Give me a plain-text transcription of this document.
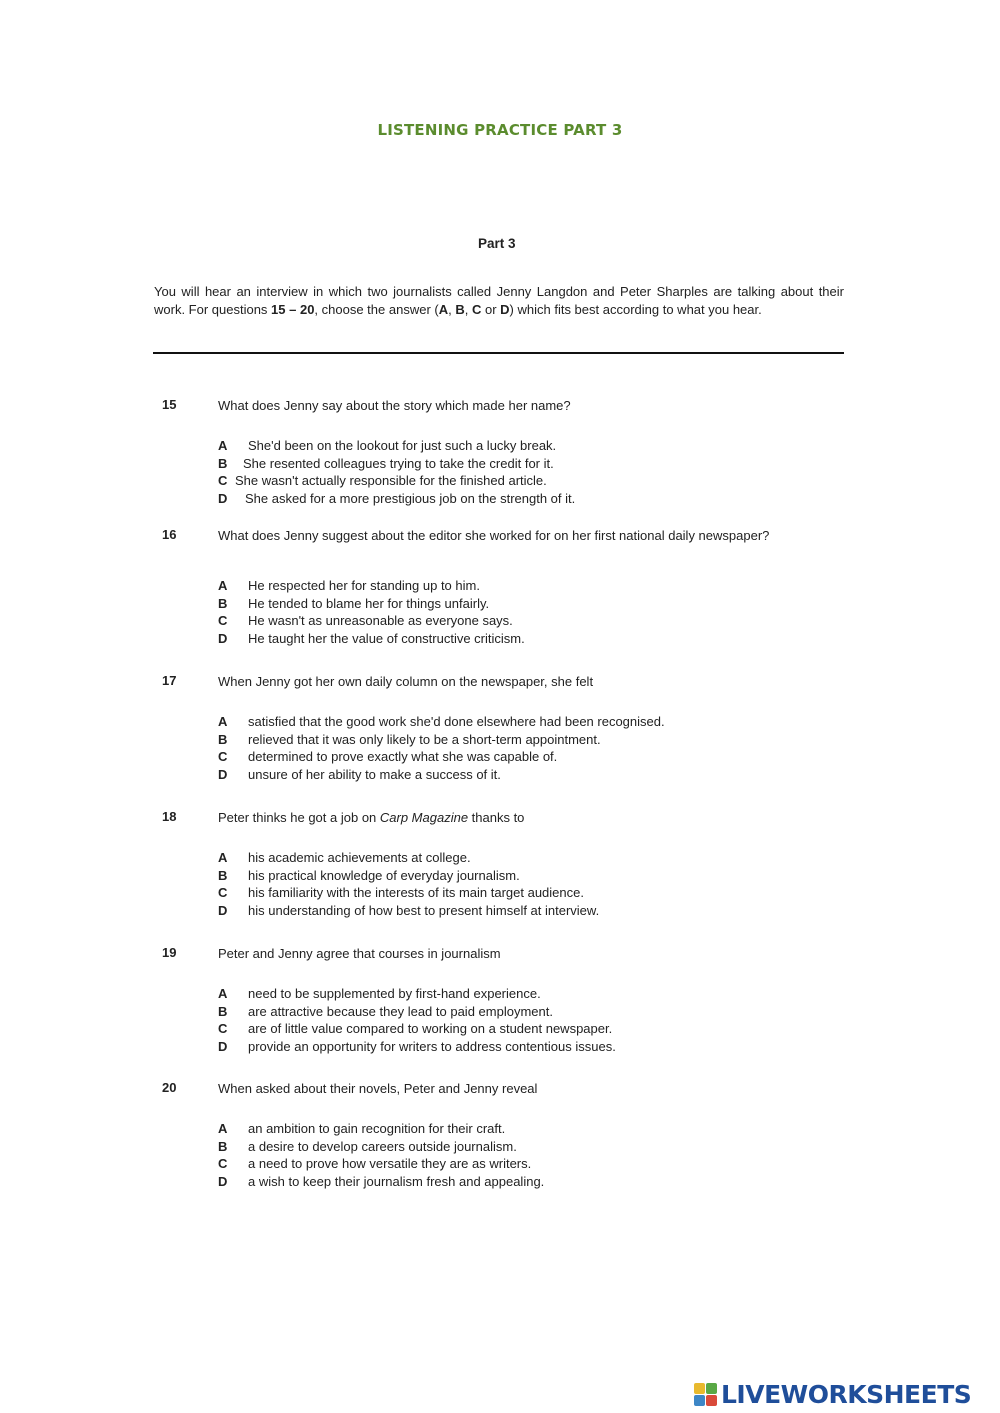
LISTENING PRACTICE PART 3
Part 3
You will hear an interview in which two journalists called Jenny Langdon and Peter Sharples are talking about their work. For questions 15 – 20, choose the answer (A, B, C or D) which fits best according to what you hear.
15	What does Jenny say about the story which made her name?
A She'd been on the lookout for just such a lucky break.
B She resented colleagues trying to take the credit for it.
C She wasn't actually responsible for the finished article.
D She asked for a more prestigious job on the strength of it.
16	What does Jenny suggest about the editor she worked for on her first national daily newspaper?
A He respected her for standing up to him.
B He tended to blame her for things unfairly.
C He wasn't as unreasonable as everyone says.
D He taught her the value of constructive criticism.
17	When Jenny got her own daily column on the newspaper, she felt
A satisfied that the good work she'd done elsewhere had been recognised.
B relieved that it was only likely to be a short-term appointment.
C determined to prove exactly what she was capable of.
D unsure of her ability to make a success of it.
18	Peter thinks he got a job on Carp Magazine thanks to
A his academic achievements at college.
B his practical knowledge of everyday journalism.
C his familiarity with the interests of its main target audience.
D his understanding of how best to present himself at interview.
19	Peter and Jenny agree that courses in journalism
A need to be supplemented by first-hand experience.
B are attractive because they lead to paid employment.
C are of little value compared to working on a student newspaper.
D provide an opportunity for writers to address contentious issues.
20	When asked about their novels, Peter and Jenny reveal
A an ambition to gain recognition for their craft.
B a desire to develop careers outside journalism.
C a need to prove how versatile they are as writers.
D a wish to keep their journalism fresh and appealing.
LIVEWORKSHEETS
